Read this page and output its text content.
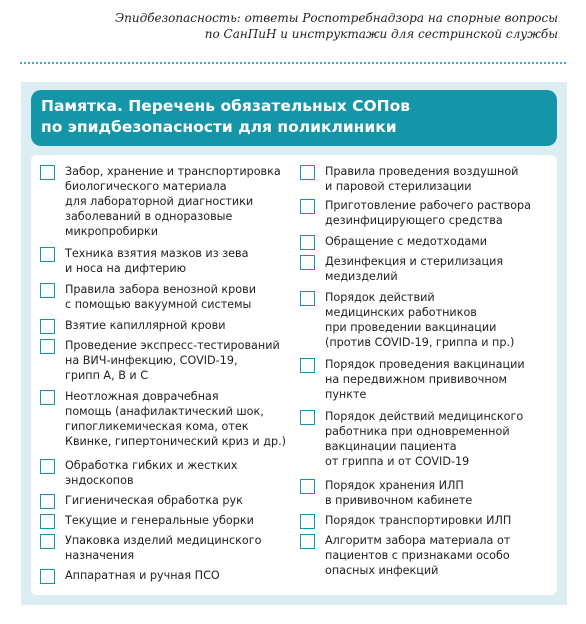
Эпидбезопасность: ответы Роспотребнадзора на спорные вопросы
по СанПиН и инструктажи для сестринской службы
Памятка. Перечень обязательных СОПов
по эпидбезопасности для поликлиники
Забор, хранение и транспортировка
биологического материала
для лабораторной диагностики
заболеваний в одноразовые
микропробирки
Техника взятия мазков из зева
и носа на дифтерию
Правила забора венозной крови
с помощью вакуумной системы
Взятие капиллярной крови
Проведение экспресс-тестирований
на ВИЧ-инфекцию, COVID-19,
грипп А, В и С
Неотложная доврачебная
помощь (анафилактический шок,
гипогликемическая кома, отек
Квинке, гипертонический криз и др.)
Обработка гибких и жестких
эндоскопов
Гигиеническая обработка рук
Текущие и генеральные уборки
Упаковка изделий медицинского
назначения
Аппаратная и ручная ПСО
Правила проведения воздушной
и паровой стерилизации
Приготовление рабочего раствора
дезинфицирующего средства
Обращение с медотходами
Дезинфекция и стерилизация
медизделий
Порядок действий
медицинских работников
при проведении вакцинации
(против COVID-19, гриппа и пр.)
Порядок проведения вакцинации
на передвижном прививочном
пункте
Порядок действий медицинского
работника при одновременной
вакцинации пациента
от гриппа и от COVID-19
Порядок хранения ИЛП
в прививочном кабинете
Порядок транспортировки ИЛП
Алгоритм забора материала от
пациентов с признаками особо
опасных инфекций
